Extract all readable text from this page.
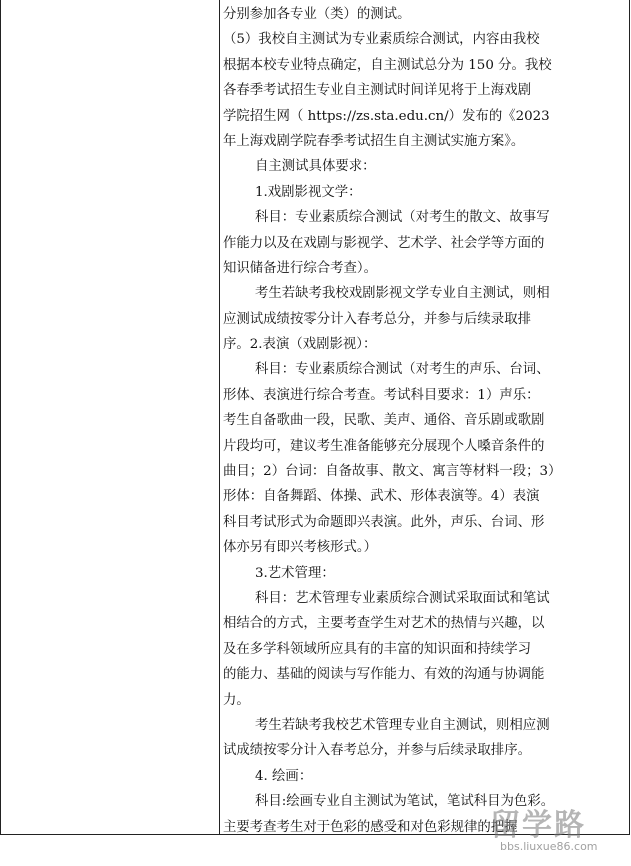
分别参加各专业（类）的测试。
（5）我校自主测试为专业素质综合测试，内容由我校
根据本校专业特点确定，自主测试总分为 150 分。我校
各春季考试招生专业自主测试时间详见将于上海戏剧
学院招生网（ https://zs.sta.edu.cn/）发布的《2023
年上海戏剧学院春季考试招生自主测试实施方案》。
自主测试具体要求：
1.戏剧影视文学：
科目：专业素质综合测试（对考生的散文、故事写
作能力以及在戏剧与影视学、艺术学、社会学等方面的
知识储备进行综合考查）。
考生若缺考我校戏剧影视文学专业自主测试，则相
应测试成绩按零分计入春考总分，并参与后续录取排
序。2.表演（戏剧影视）：
科目：专业素质综合测试（对考生的声乐、台词、
形体、表演进行综合考查。考试科目要求：1）声乐：
考生自备歌曲一段，民歌、美声、通俗、音乐剧或歌剧
片段均可，建议考生准备能够充分展现个人嗓音条件的
曲目；2）台词：自备故事、散文、寓言等材料一段；3）
形体：自备舞蹈、体操、武术、形体表演等。4）表演
科目考试形式为命题即兴表演。此外，声乐、台词、形
体亦另有即兴考核形式。）
3.艺术管理：
科目：艺术管理专业素质综合测试采取面试和笔试
相结合的方式，主要考查学生对艺术的热情与兴趣，以
及在多学科领域所应具有的丰富的知识面和持续学习
的能力、基础的阅读与写作能力、有效的沟通与协调能
力。
考生若缺考我校艺术管理专业自主测试，则相应测
试成绩按零分计入春考总分，并参与后续录取排序。
4. 绘画：
科目:绘画专业自主测试为笔试，笔试科目为色彩。
主要考查考生对于色彩的感受和对色彩规律的把握
留学路
bbs.liuxue86.com
